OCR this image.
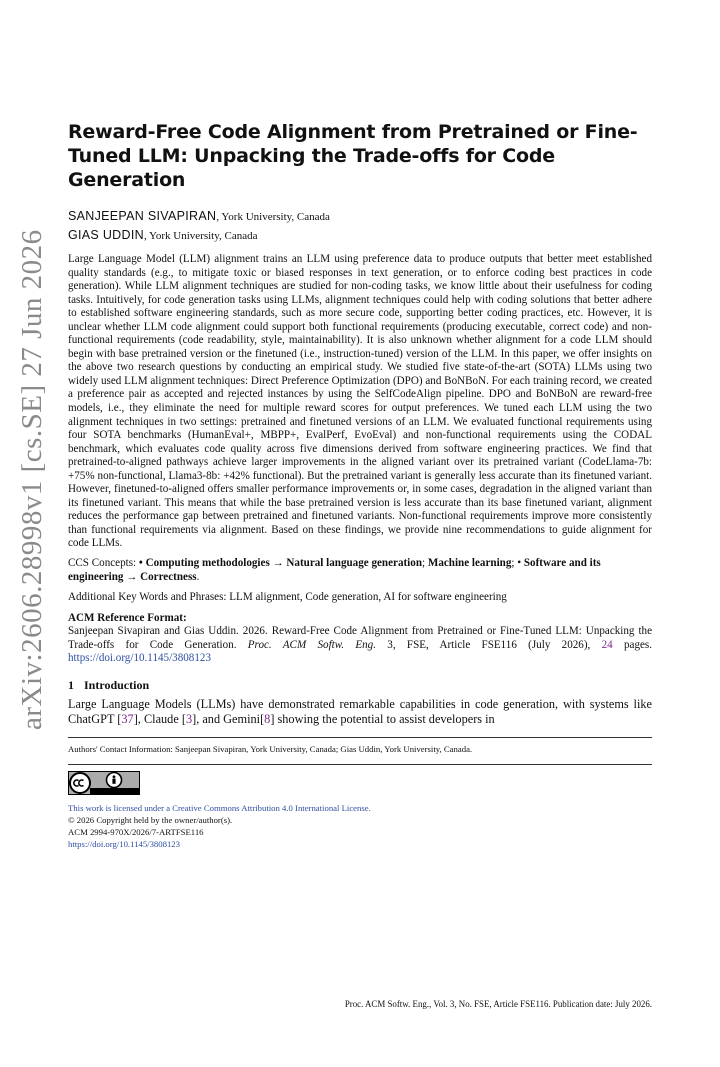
arXiv:2606.28998v1 [cs.SE] 27 Jun 2026
Reward-Free Code Alignment from Pretrained or Fine-Tuned LLM: Unpacking the Trade-offs for Code Generation
SANJEEPAN SIVAPIRAN, York University, Canada
GIAS UDDIN, York University, Canada

Large Language Model (LLM) alignment trains an LLM using preference data to produce outputs that better meet established quality standards (e.g., to mitigate toxic or biased responses in text generation, or to enforce coding best practices in code generation). While LLM alignment techniques are studied for non-coding tasks, we know little about their usefulness for coding tasks. Intuitively, for code generation tasks using LLMs, alignment techniques could help with coding solutions that better adhere to established software engineering standards, such as more secure code, supporting better coding practices, etc. However, it is unclear whether LLM code alignment could support both functional requirements (producing executable, correct code) and non-functional requirements (code readability, style, maintainability). It is also unknown whether alignment for a code LLM should begin with base pretrained version or the finetuned (i.e., instruction-tuned) version of the LLM. In this paper, we offer insights on the above two research questions by conducting an empirical study. We studied five state-of-the-art (SOTA) LLMs using two widely used LLM alignment techniques: Direct Preference Optimization (DPO) and BoNBoN. For each training record, we created a preference pair as accepted and rejected instances by using the SelfCodeAlign pipeline. DPO and BoNBoN are reward-free models, i.e., they eliminate the need for multiple reward scores for output preferences. We tuned each LLM using the two alignment techniques in two settings: pretrained and finetuned versions of an LLM. We evaluated functional requirements using four SOTA benchmarks (HumanEval+, MBPP+, EvalPerf, EvoEval) and non-functional requirements using the CODAL benchmark, which evaluates code quality across five dimensions derived from software engineering practices. We find that pretrained-to-aligned pathways achieve larger improvements in the aligned variant over its pretrained variant (CodeLlama-7b: +75% non-functional, Llama3-8b: +42% functional). But the pretrained variant is generally less accurate than its finetuned variant. However, finetuned-to-aligned offers smaller performance improvements or, in some cases, degradation in the aligned variant than its finetuned variant. This means that while the base pretrained version is less accurate than its base finetuned variant, alignment reduces the performance gap between pretrained and finetuned variants. Non-functional requirements improve more consistently than functional requirements via alignment. Based on these findings, we provide nine recommendations to guide alignment for code LLMs.

CCS Concepts: • Computing methodologies → Natural language generation; Machine learning; • Software and its engineering → Correctness.

Additional Key Words and Phrases: LLM alignment, Code generation, AI for software engineering

ACM Reference Format:

Sanjeepan Sivapiran and Gias Uddin. 2026. Reward-Free Code Alignment from Pretrained or Fine-Tuned LLM: Unpacking the Trade-offs for Code Generation. Proc. ACM Softw. Eng. 3, FSE, Article FSE116 (July 2026), 24 pages. https://doi.org/10.1145/3808123

1 Introduction

Large Language Models (LLMs) have demonstrated remarkable capabilities in code generation, with systems like ChatGPT [37], Claude [3], and Gemini[8] showing the potential to assist developers in

Authors' Contact Information: Sanjeepan Sivapiran, York University, Canada; Gias Uddin, York University, Canada.

This work is licensed under a Creative Commons Attribution 4.0 International License.
© 2026 Copyright held by the owner/author(s).
ACM 2994-970X/2026/7-ARTFSE116
https://doi.org/10.1145/3808123
Proc. ACM Softw. Eng., Vol. 3, No. FSE, Article FSE116. Publication date: July 2026.
